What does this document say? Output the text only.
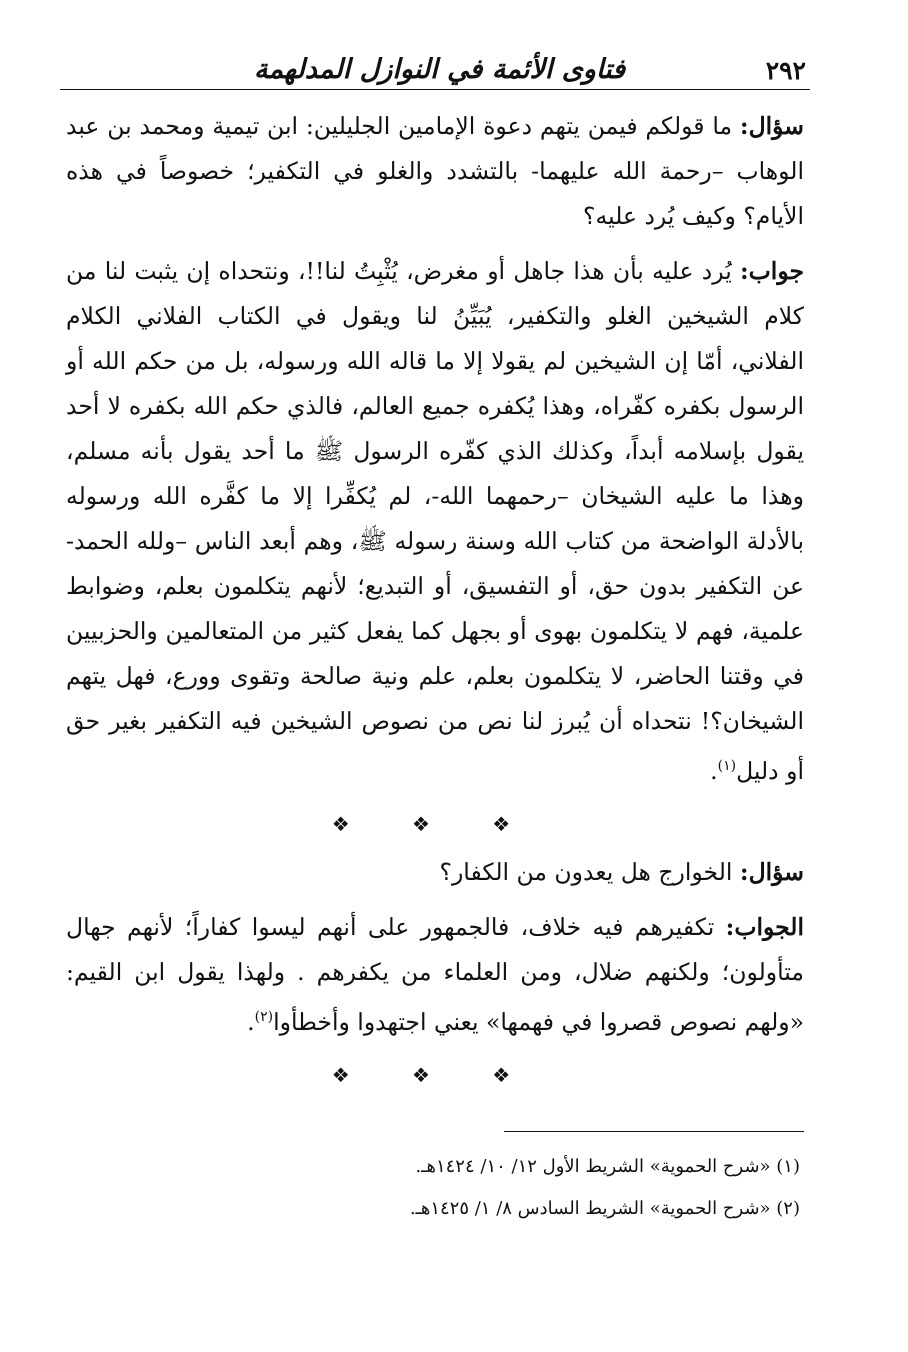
٢٩٢
فتاوى الأئمة في النوازل المدلهمة

سؤال: ما قولكم فيمن يتهم دعوة الإمامين الجليلين: ابن تيمية ومحمد بن عبد الوهاب –رحمة الله عليهما- بالتشدد والغلو في التكفير؛ خصوصاً في هذه الأيام؟ وكيف يُرد عليه؟

جواب: يُرد عليه بأن هذا جاهل أو مغرض، يُثْبِتُ لنا!!، ونتحداه إن يثبت لنا من كلام الشيخين الغلو والتكفير، يُبَيِّنُ لنا ويقول في الكتاب الفلاني الكلام الفلاني، أمّا إن الشيخين لم يقولا إلا ما قاله الله ورسوله، بل من حكم الله أو الرسول بكفره كفّراه، وهذا يُكفره جميع العالم، فالذي حكم الله بكفره لا أحد يقول بإسلامه أبداً، وكذلك الذي كفّره الرسول ﷺ ما أحد يقول بأنه مسلم، وهذا ما عليه الشيخان –رحمهما الله-، لم يُكفِّرا إلا ما كفَّره الله ورسوله بالأدلة الواضحة من كتاب الله وسنة رسوله ﷺ، وهم أبعد الناس –ولله الحمد- عن التكفير بدون حق، أو التفسيق، أو التبديع؛ لأنهم يتكلمون بعلم، وضوابط علمية، فهم لا يتكلمون بهوى أو بجهل كما يفعل كثير من المتعالمين والحزبيين في وقتنا الحاضر، لا يتكلمون بعلم، علم ونية صالحة وتقوى وورع، فهل يتهم الشيخان؟! نتحداه أن يُبرز لنا نص من نصوص الشيخين فيه التكفير بغير حق أو دليل$^{(١)}$.

❖ ❖ ❖

سؤال: الخوارج هل يعدون من الكفار؟

الجواب: تكفيرهم فيه خلاف، فالجمهور على أنهم ليسوا كفاراً؛ لأنهم جهال متأولون؛ ولكنهم ضلال، ومن العلماء من يكفرهم . ولهذا يقول ابن القيم: «ولهم نصوص قصروا في فهمها» يعني اجتهدوا وأخطأوا$^{(٢)}$.

❖ ❖ ❖
(١) «شرح الحموية» الشريط الأول ١٢/ ١٠/ ١٤٢٤هـ.
(٢) «شرح الحموية» الشريط السادس ٨/ ١/ ١٤٢٥هـ.
